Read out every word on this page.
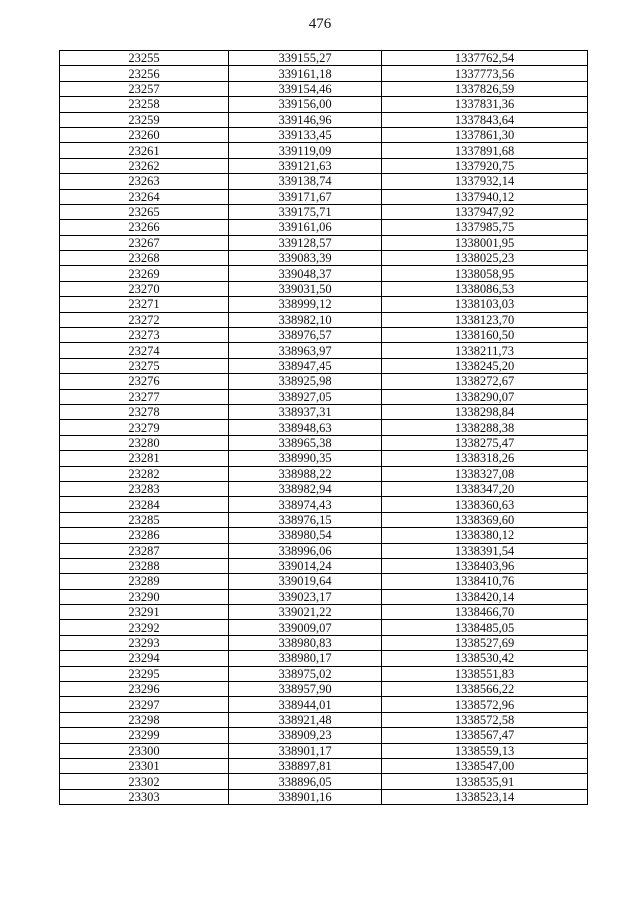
476
23255	339155,27	1337762,54
23256	339161,18	1337773,56
23257	339154,46	1337826,59
23258	339156,00	1337831,36
23259	339146,96	1337843,64
23260	339133,45	1337861,30
23261	339119,09	1337891,68
23262	339121,63	1337920,75
23263	339138,74	1337932,14
23264	339171,67	1337940,12
23265	339175,71	1337947,92
23266	339161,06	1337985,75
23267	339128,57	1338001,95
23268	339083,39	1338025,23
23269	339048,37	1338058,95
23270	339031,50	1338086,53
23271	338999,12	1338103,03
23272	338982,10	1338123,70
23273	338976,57	1338160,50
23274	338963,97	1338211,73
23275	338947,45	1338245,20
23276	338925,98	1338272,67
23277	338927,05	1338290,07
23278	338937,31	1338298,84
23279	338948,63	1338288,38
23280	338965,38	1338275,47
23281	338990,35	1338318,26
23282	338988,22	1338327,08
23283	338982,94	1338347,20
23284	338974,43	1338360,63
23285	338976,15	1338369,60
23286	338980,54	1338380,12
23287	338996,06	1338391,54
23288	339014,24	1338403,96
23289	339019,64	1338410,76
23290	339023,17	1338420,14
23291	339021,22	1338466,70
23292	339009,07	1338485,05
23293	338980,83	1338527,69
23294	338980,17	1338530,42
23295	338975,02	1338551,83
23296	338957,90	1338566,22
23297	338944,01	1338572,96
23298	338921,48	1338572,58
23299	338909,23	1338567,47
23300	338901,17	1338559,13
23301	338897,81	1338547,00
23302	338896,05	1338535,91
23303	338901,16	1338523,14
